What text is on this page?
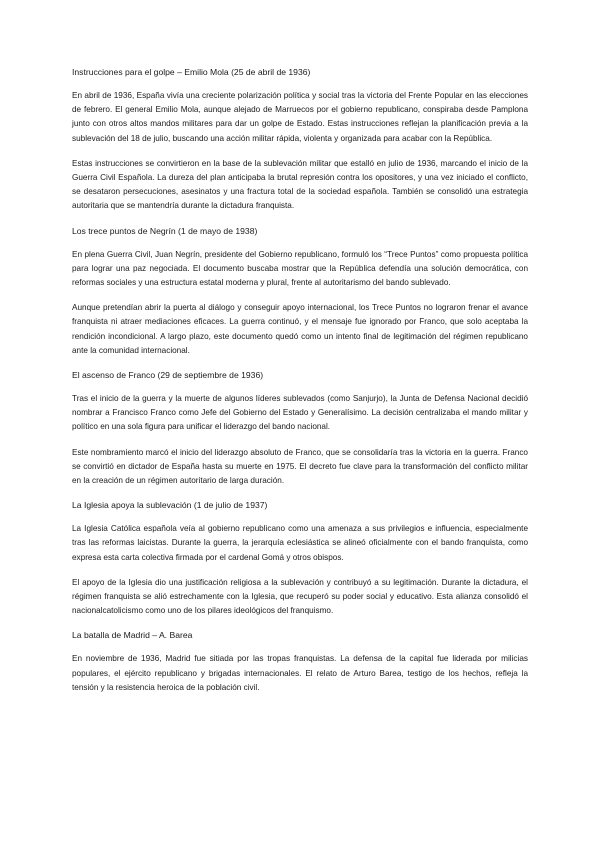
Instrucciones para el golpe – Emilio Mola (25 de abril de 1936)

En abril de 1936, España vivía una creciente polarización política y social tras la victoria del Frente Popular en las elecciones de febrero. El general Emilio Mola, aunque alejado de Marruecos por el gobierno republicano, conspiraba desde Pamplona junto con otros altos mandos militares para dar un golpe de Estado. Estas instrucciones reflejan la planificación previa a la sublevación del 18 de julio, buscando una acción militar rápida, violenta y organizada para acabar con la República.

Estas instrucciones se convirtieron en la base de la sublevación militar que estalló en julio de 1936, marcando el inicio de la Guerra Civil Española. La dureza del plan anticipaba la brutal represión contra los opositores, y una vez iniciado el conflicto, se desataron persecuciones, asesinatos y una fractura total de la sociedad española. También se consolidó una estrategia autoritaria que se mantendría durante la dictadura franquista.

Los trece puntos de Negrín (1 de mayo de 1938)

En plena Guerra Civil, Juan Negrín, presidente del Gobierno republicano, formuló los “Trece Puntos” como propuesta política para lograr una paz negociada. El documento buscaba mostrar que la República defendía una solución democrática, con reformas sociales y una estructura estatal moderna y plural, frente al autoritarismo del bando sublevado.

Aunque pretendían abrir la puerta al diálogo y conseguir apoyo internacional, los Trece Puntos no lograron frenar el avance franquista ni atraer mediaciones eficaces. La guerra continuó, y el mensaje fue ignorado por Franco, que solo aceptaba la rendición incondicional. A largo plazo, este documento quedó como un intento final de legitimación del régimen republicano ante la comunidad internacional.

El ascenso de Franco (29 de septiembre de 1936)

Tras el inicio de la guerra y la muerte de algunos líderes sublevados (como Sanjurjo), la Junta de Defensa Nacional decidió nombrar a Francisco Franco como Jefe del Gobierno del Estado y Generalísimo. La decisión centralizaba el mando militar y político en una sola figura para unificar el liderazgo del bando nacional.

Este nombramiento marcó el inicio del liderazgo absoluto de Franco, que se consolidaría tras la victoria en la guerra. Franco se convirtió en dictador de España hasta su muerte en 1975. El decreto fue clave para la transformación del conflicto militar en la creación de un régimen autoritario de larga duración.

La Iglesia apoya la sublevación (1 de julio de 1937)

La Iglesia Católica española veía al gobierno republicano como una amenaza a sus privilegios e influencia, especialmente tras las reformas laicistas. Durante la guerra, la jerarquía eclesiástica se alineó oficialmente con el bando franquista, como expresa esta carta colectiva firmada por el cardenal Gomá y otros obispos.

El apoyo de la Iglesia dio una justificación religiosa a la sublevación y contribuyó a su legitimación. Durante la dictadura, el régimen franquista se alió estrechamente con la Iglesia, que recuperó su poder social y educativo. Esta alianza consolidó el nacionalcatolicismo como uno de los pilares ideológicos del franquismo.

La batalla de Madrid – A. Barea

En noviembre de 1936, Madrid fue sitiada por las tropas franquistas. La defensa de la capital fue liderada por milicias populares, el ejército republicano y brigadas internacionales. El relato de Arturo Barea, testigo de los hechos, refleja la tensión y la resistencia heroica de la población civil.
